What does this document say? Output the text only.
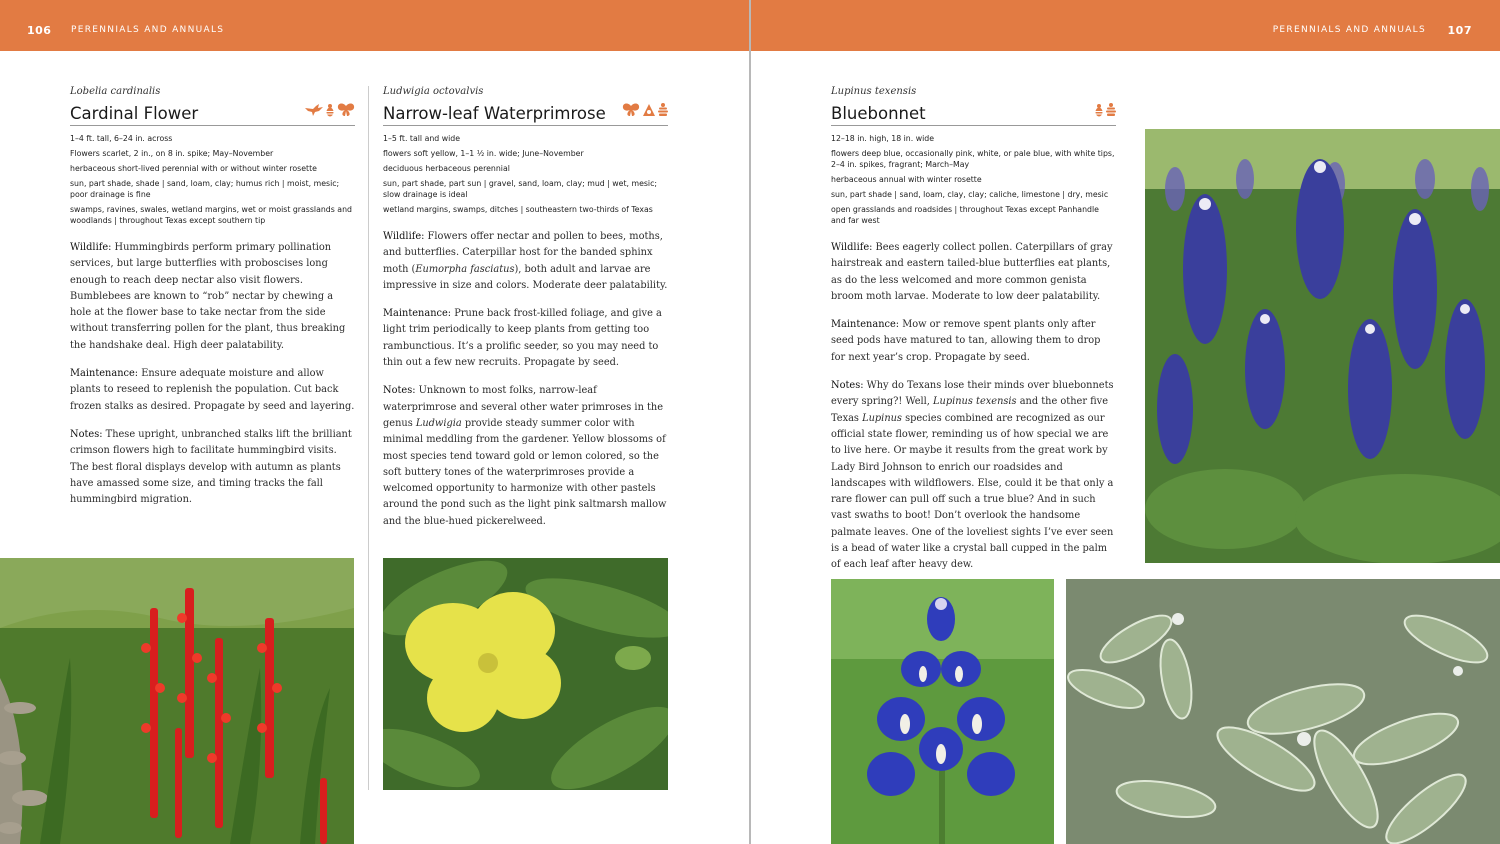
106 PERENNIALS AND ANNUALS
Lobelia cardinalis
Cardinal Flower

1–4 ft. tall, 6–24 in. across

Flowers scarlet, 2 in., on 8 in. spike; May–November

herbaceous short-lived perennial with or without winter rosette

sun, part shade, shade | sand, loam, clay; humus rich | moist, mesic; poor drainage is fine

swamps, ravines, swales, wetland margins, wet or moist grasslands and woodlands | throughout Texas except southern tip

Wildlife: Hummingbirds perform primary pollination services, but large butterflies with proboscises long enough to reach deep nectar also visit flowers. Bumblebees are known to “rob” nectar by chewing a hole at the flower base to take nectar from the side without transferring pollen for the plant, thus breaking the handshake deal. High deer palatability.

Maintenance: Ensure adequate moisture and allow plants to reseed to replenish the population. Cut back frozen stalks as desired. Propagate by seed and layering.

Notes: These upright, unbranched stalks lift the brilliant crimson flowers high to facilitate hummingbird visits. The best floral displays develop with autumn as plants have amassed some size, and timing tracks the fall hummingbird migration.

Ludwigia octovalvis
Narrow-leaf Waterprimrose

1–5 ft. tall and wide

flowers soft yellow, 1–1 ½ in. wide; June–November

deciduous herbaceous perennial

sun, part shade, part sun | gravel, sand, loam, clay; mud | wet, mesic; slow drainage is ideal

wetland margins, swamps, ditches | southeastern two-thirds of Texas

Wildlife: Flowers offer nectar and pollen to bees, moths, and butterflies. Caterpillar host for the banded sphinx moth (Eumorpha fasciatus), both adult and larvae are impressive in size and colors. Moderate deer palatability.

Maintenance: Prune back frost-killed foliage, and give a light trim periodically to keep plants from getting too rambunctious. It’s a prolific seeder, so you may need to thin out a few new recruits. Propagate by seed.

Notes: Unknown to most folks, narrow-leaf waterprimrose and several other water primroses in the genus Ludwigia provide steady summer color with minimal meddling from the gardener. Yellow blossoms of most species tend toward gold or lemon colored, so the soft buttery tones of the waterprimroses provide a welcomed opportunity to harmonize with other pastels around the pond such as the light pink saltmarsh mallow and the blue-hued pickerelweed.

PERENNIALS AND ANNUALS 107
Lupinus texensis
Bluebonnet

12–18 in. high, 18 in. wide

flowers deep blue, occasionally pink, white, or pale blue, with white tips, 2–4 in. spikes, fragrant; March–May

herbaceous annual with winter rosette

sun, part shade | sand, loam, clay, clay; caliche, limestone | dry, mesic

open grasslands and roadsides | throughout Texas except Panhandle and far west

Wildlife: Bees eagerly collect pollen. Caterpillars of gray hairstreak and eastern tailed-blue butterflies eat plants, as do the less welcomed and more common genista broom moth larvae. Moderate to low deer palatability.

Maintenance: Mow or remove spent plants only after seed pods have matured to tan, allowing them to drop for next year’s crop. Propagate by seed.

Notes: Why do Texans lose their minds over bluebonnets every spring?! Well, Lupinus texensis and the other five Texas Lupinus species combined are recognized as our official state flower, reminding us of how special we are to live here. Or maybe it results from the great work by Lady Bird Johnson to enrich our roadsides and landscapes with wildflowers. Else, could it be that only a rare flower can pull off such a true blue? And in such vast swaths to boot! Don’t overlook the handsome palmate leaves. One of the loveliest sights I’ve ever seen is a bead of water like a crystal ball cupped in the palm of each leaf after heavy dew.
